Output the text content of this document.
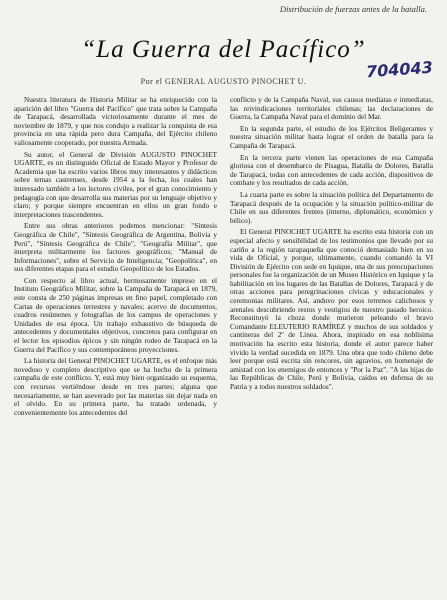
Distribución de fuerzas antes de la batalla.
“La Guerra del Pacífico”
Por el GENERAL AUGUSTO PINOCHET U.
704043

Nuestra literatura de Historia Militar se ha enriquecido con la aparición del libro "Guerra del Pacífico" que trata sobre la Campaña de Tarapacá, desarrollada victoriosamente durante el mes de noviembre de 1879, y que nos condujo a realizar la conquista de esa provincia en una rápida pero dura Campaña, del Ejército chileno valiosamente cooperado, por nuestra Armada.

Su autor, el General de División AUGUSTO PINOCHET UGARTE, es un distinguido Oficial de Estado Mayor y Profesor de Academia que ha escrito varios libros muy interesantes y didácticos sobre temas castrenses, desde 1954 a la fecha, los cuales han interesado también a los lectores civiles, por el gran conocimiento y pedagogía con que desarrolla sus materias por su lenguaje objetivo y claro; y porque siempre encuentran en ellos un gran fondo e interpretaciones trascendentes.

Entre sus obras anteriores podemos mencionar: "Síntesis Geográfica de Chile", "Síntesis Geográfica de Argentina, Bolivia y Perú", "Síntesis Geográfica de Chile", "Geografía Militar", que interpreta militarmente los factores geográficos; "Manual de Informaciones", sobre el Servicio de Inteligencia; "Geopolítica", en sus diferentes etapas para el estudio Geopolítico de los Estados.

Con respecto al libro actual, hermosamente impreso en el Instituto Geográfico Militar, sobre la Campaña de Tarapacá en 1879, este consta de 250 páginas impresas en fino papel, completado con Cartas de operaciones terrestres y navales; acervo de documentos, cuadros resúmenes y fotografías de los campos de operaciones y Unidades de esa época. Un trabajo exhaustivo de búsqueda de antecedentes y documentales objetivos, concretos para configurar en el lector los episodios épicos y sin ningún rodeo de Tarapacá en la Guerra del Pacífico y sus contemporáneos proyecciones.

La historia del General PINOCHET UGARTE, es el enfoque más novedoso y completo descriptivo que se ha hecho de la primera campaña de este conflicto. Y, está muy bien organizado su esquema, con recursos vertiéndose desde en tres partes; alguna que necesariamente, se han aseverado por las materias sin dejar nada en el olvido. En su primera parte, ha tratado ordenada, y convenientemente los antecedentes del

conflicto y de la Campaña Naval, sus causos mediatas e inmediatas, las reivindicaciones territoriales chilenas; las declaraciones de Guerra, la Campaña Naval para el dominio del Mar.

En la segunda parte, el estudio de los Ejércitos Beligerantes y nuestra situación militar hasta lograr el orden de batalla para la Campaña de Tarapacá.

En la tercera parte vienen las operaciones de esa Campaña gloriosa con el desembarco de Pisagua, Batalla de Dolores, Batalla de Tarapacá, todas con antecedentes de cada acción, dispositivos de combate y los resultados de cada acción.

La cuarta parte es sobre la situación política del Departamento de Tarapacá después de la ocupación y la situación político-militar de Chile en sus diferentes frentes (interno, diplomático, económico y bélico).

El General PINOCHET UGARTE ha escrito esta historia con un especial afecto y sensibilidad de los testimonios que llevado por su cariño a la región tarapaqueña que conoció demasiado bien en su vida de Oficial, y porque, ultimamente, cuando comandó la VI División de Ejército con sede en Iquique, una de sus preocupaciones personales fue la organización de un Museo Histórico en Iquique y la habilitación en los lugares de las Batallas de Dolores, Tarapacá y de otras acciones para peregrinaciones cívicas y educacionales y ceremonias militares. Así, anduvo por esos terrenos calichosos y arenales descubriendo restos y vestigios de nuestro pasado heroico. Reconstituyó la choza donde murieron peleando el bravo Comandante ELEUTERIO RAMÍREZ y muchos de sus soldados y cantineras del 2º de Línea. Ahora, inspirado en esa noblísima motivación ha escrito esta historia, donde el autor parece haber vivido la verdad sucedida en 1879. Una obra que todo chileno debe leer porque está escrita sin rencores, sin agravios, en homenaje de amistad con los enemigos de entonces y "Por la Paz". "A las hijas de las Repúblicas de Chile, Perú y Bolivia, caídos en defensa de su Patria y a todos nuestros soldados".
